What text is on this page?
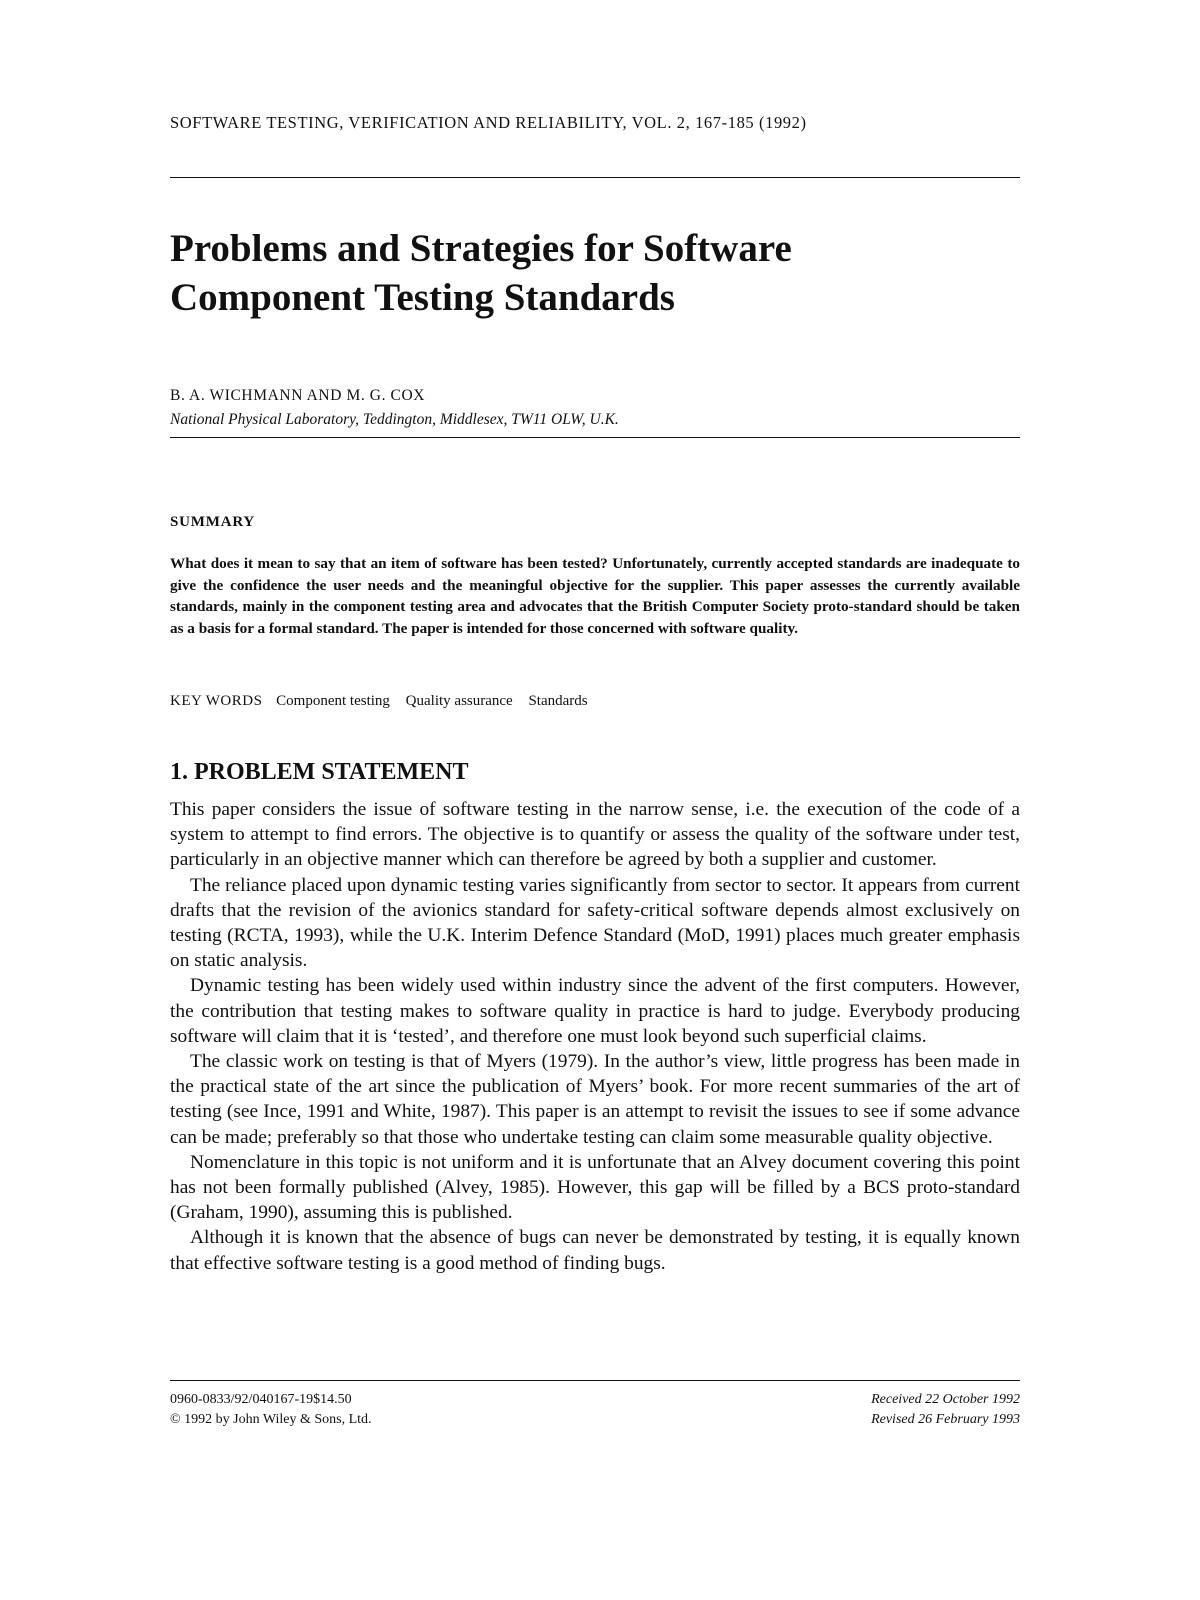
SOFTWARE TESTING, VERIFICATION AND RELIABILITY, VOL. 2, 167-185 (1992)
Problems and Strategies for Software
Component Testing Standards
B. A. WICHMANN AND M. G. COX
National Physical Laboratory, Teddington, Middlesex, TW11 OLW, U.K.
SUMMARY

What does it mean to say that an item of software has been tested? Unfortunately, currently accepted standards are inadequate to give the confidence the user needs and the meaningful objective for the supplier. This paper assesses the currently available standards, mainly in the component testing area and advocates that the British Computer Society proto-standard should be taken as a basis for a formal standard. The paper is intended for those concerned with software quality.

KEY WORDS Component testing Quality assurance Standards
1. PROBLEM STATEMENT

This paper considers the issue of software testing in the narrow sense, i.e. the execution of the code of a system to attempt to find errors. The objective is to quantify or assess the quality of the software under test, particularly in an objective manner which can therefore be agreed by both a supplier and customer.

The reliance placed upon dynamic testing varies significantly from sector to sector. It appears from current drafts that the revision of the avionics standard for safety-critical software depends almost exclusively on testing (RCTA, 1993), while the U.K. Interim Defence Standard (MoD, 1991) places much greater emphasis on static analysis.

Dynamic testing has been widely used within industry since the advent of the first computers. However, the contribution that testing makes to software quality in practice is hard to judge. Everybody producing software will claim that it is ‘tested’, and therefore one must look beyond such superficial claims.

The classic work on testing is that of Myers (1979). In the author’s view, little progress has been made in the practical state of the art since the publication of Myers’ book. For more recent summaries of the art of testing (see Ince, 1991 and White, 1987). This paper is an attempt to revisit the issues to see if some advance can be made; preferably so that those who undertake testing can claim some measurable quality objective.

Nomenclature in this topic is not uniform and it is unfortunate that an Alvey document covering this point has not been formally published (Alvey, 1985). However, this gap will be filled by a BCS proto-standard (Graham, 1990), assuming this is published.

Although it is known that the absence of bugs can never be demonstrated by testing, it is equally known that effective software testing is a good method of finding bugs.

0960-0833/92/040167-19$14.50
© 1992 by John Wiley & Sons, Ltd.
Received 22 October 1992
Revised 26 February 1993
